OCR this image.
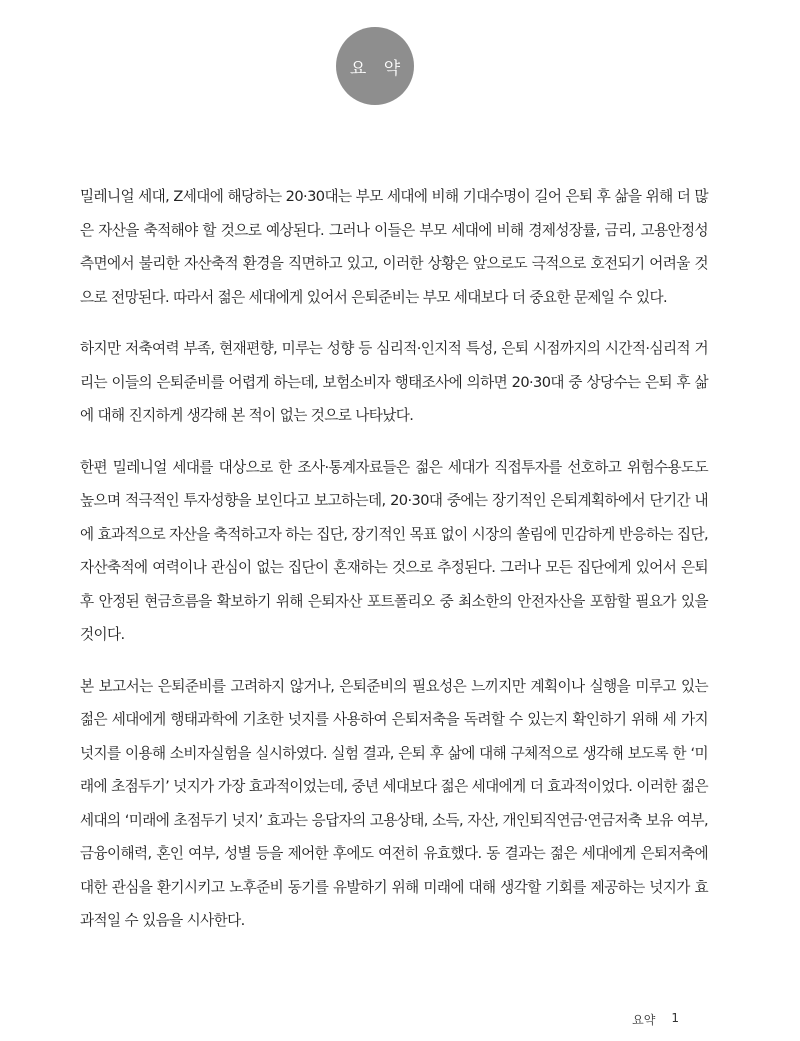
요 약

밀레니얼 세대, Z세대에 해당하는 20·30대는 부모 세대에 비해 기대수명이 길어 은퇴 후 삶을 위해 더 많은 자산을 축적해야 할 것으로 예상된다. 그러나 이들은 부모 세대에 비해 경제성장률, 금리, 고용안정성 측면에서 불리한 자산축적 환경을 직면하고 있고, 이러한 상황은 앞으로도 극적으로 호전되기 어려울 것으로 전망된다. 따라서 젊은 세대에게 있어서 은퇴준비는 부모 세대보다 더 중요한 문제일 수 있다.

하지만 저축여력 부족, 현재편향, 미루는 성향 등 심리적·인지적 특성, 은퇴 시점까지의 시간적·심리적 거리는 이들의 은퇴준비를 어렵게 하는데, 보험소비자 행태조사에 의하면 20·30대 중 상당수는 은퇴 후 삶에 대해 진지하게 생각해 본 적이 없는 것으로 나타났다.

한편 밀레니얼 세대를 대상으로 한 조사·통계자료들은 젊은 세대가 직접투자를 선호하고 위험수용도도 높으며 적극적인 투자성향을 보인다고 보고하는데, 20·30대 중에는 장기적인 은퇴계획하에서 단기간 내에 효과적으로 자산을 축적하고자 하는 집단, 장기적인 목표 없이 시장의 쏠림에 민감하게 반응하는 집단, 자산축적에 여력이나 관심이 없는 집단이 혼재하는 것으로 추정된다. 그러나 모든 집단에게 있어서 은퇴 후 안정된 현금흐름을 확보하기 위해 은퇴자산 포트폴리오 중 최소한의 안전자산을 포함할 필요가 있을 것이다.

본 보고서는 은퇴준비를 고려하지 않거나, 은퇴준비의 필요성은 느끼지만 계획이나 실행을 미루고 있는 젊은 세대에게 행태과학에 기초한 넛지를 사용하여 은퇴저축을 독려할 수 있는지 확인하기 위해 세 가지 넛지를 이용해 소비자실험을 실시하였다. 실험 결과, 은퇴 후 삶에 대해 구체적으로 생각해 보도록 한 ‘미래에 초점두기’ 넛지가 가장 효과적이었는데, 중년 세대보다 젊은 세대에게 더 효과적이었다. 이러한 젊은 세대의 ‘미래에 초점두기 넛지’ 효과는 응답자의 고용상태, 소득, 자산, 개인퇴직연금·연금저축 보유 여부, 금융이해력, 혼인 여부, 성별 등을 제어한 후에도 여전히 유효했다. 동 결과는 젊은 세대에게 은퇴저축에 대한 관심을 환기시키고 노후준비 동기를 유발하기 위해 미래에 대해 생각할 기회를 제공하는 넛지가 효과적일 수 있음을 시사한다.

요약 1
